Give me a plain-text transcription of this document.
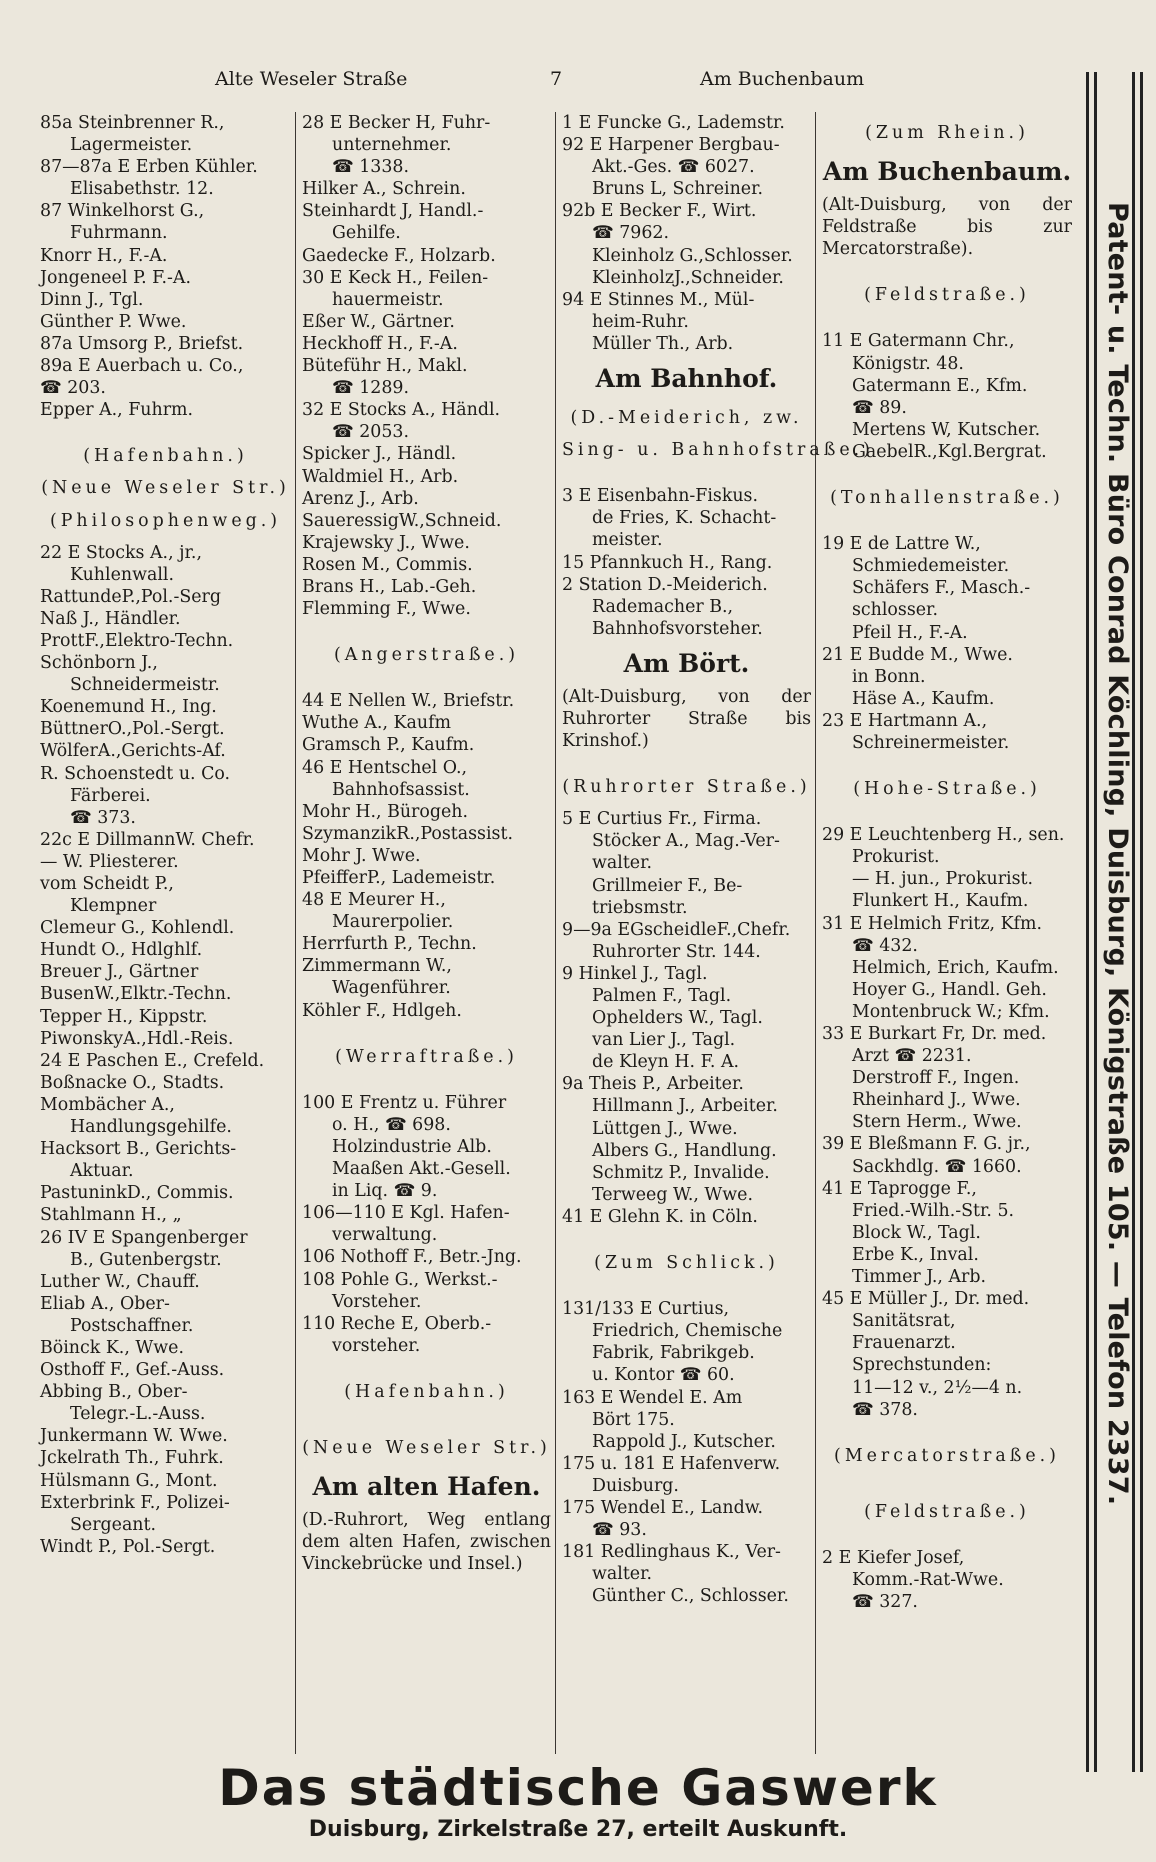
Alte Weseler Straße	7	Am Buchenbaum
85a Steinbrenner R.,
Lagermeister.
87—87a E Erben Kühler.
Elisabethstr. 12.
87 Winkelhorst G.,
Fuhrmann.
Knorr H., F.-A.
Jongeneel P. F.-A.
Dinn J., Tgl.
Günther P. Wwe.
87a Umsorg P., Briefst.
89a E Auerbach u. Co.,
☎ 203.
Epper A., Fuhrm.
(Hafenbahn.)
(Neue Weseler Str.)
(Philosophenweg.)
22 E Stocks A., jr.,
Kuhlenwall.
RattundeP.,Pol.-Serg
Naß J., Händler.
ProttF.,Elektro-Techn.
Schönborn J.,
Schneidermeistr.
Koenemund H., Ing.
BüttnerO.,Pol.-Sergt.
WölferA.,Gerichts-Af.
R. Schoenstedt u. Co.
Färberei.
☎ 373.
22c E DillmannW. Chefr.
— W. Pliesterer.
vom Scheidt P.,
Klempner
Clemeur G., Kohlendl.
Hundt O., Hdlghlf.
Breuer J., Gärtner
BusenW.,Elktr.-Techn.
Tepper H., Kippstr.
PiwonskyA.,Hdl.-Reis.
24 E Paschen E., Crefeld.
Boßnacke O., Stadts.
Mombächer A.,
Handlungsgehilfe.
Hacksort B., Gerichts-
Aktuar.
PastuninkD., Commis.
Stahlmann H., „
26 IV E Spangenberger
B., Gutenbergstr.
Luther W., Chauff.
Eliab A., Ober-
Postschaffner.
Böinck K., Wwe.
Osthoff F., Gef.-Auss.
Abbing B., Ober-
Telegr.-L.-Auss.
Junkermann W. Wwe.
Jckelrath Th., Fuhrk.
Hülsmann G., Mont.
Exterbrink F., Polizei-
Sergeant.
Windt P., Pol.-Sergt.
28 E Becker H, Fuhr-
unternehmer.
☎ 1338.
Hilker A., Schrein.
Steinhardt J, Handl.-
Gehilfe.
Gaedecke F., Holzarb.
30 E Keck H., Feilen-
hauermeistr.
Eßer W., Gärtner.
Heckhoff H., F.-A.
Büteführ H., Makl.
☎ 1289.
32 E Stocks A., Händl.
☎ 2053.
Spicker J., Händl.
Waldmiel H., Arb.
Arenz J., Arb.
SaueressigW.,Schneid.
Krajewsky J., Wwe.
Rosen M., Commis.
Brans H., Lab.-Geh.
Flemming F., Wwe.
(Angerstraße.)
44 E Nellen W., Briefstr.
Wuthe A., Kaufm
Gramsch P., Kaufm.
46 E Hentschel O.,
Bahnhofsassist.
Mohr H., Bürogeh.
SzymanzikR.,Postassist.
Mohr J. Wwe.
PfeifferP., Lademeistr.
48 E Meurer H.,
Maurerpolier.
Herrfurth P., Techn.
Zimmermann W.,
Wagenführer.
Köhler F., Hdlgeh.
(Werraftraße.)
100 E Frentz u. Führer
o. H., ☎ 698.
Holzindustrie Alb.
Maaßen Akt.-Gesell.
in Liq. ☎ 9.
106—110 E Kgl. Hafen-
verwaltung.
106 Nothoff F., Betr.-Jng.
108 Pohle G., Werkst.-
Vorsteher.
110 Reche E, Oberb.-
vorsteher.
(Hafenbahn.)
(Neue Weseler Str.)
Am alten Hafen.
(D.-Ruhrort, Weg entlang dem alten Hafen, zwischen Vinckebrücke und Insel.)
1 E Funcke G., Lademstr.
92 E Harpener Bergbau-
Akt.-Ges. ☎ 6027.
Bruns L, Schreiner.
92b E Becker F., Wirt.
☎ 7962.
Kleinholz G.,Schlosser.
KleinholzJ.,Schneider.
94 E Stinnes M., Mül-
heim-Ruhr.
Müller Th., Arb.
Am Bahnhof.
(D.-Meiderich, zw.
Sing- u. Bahnhofstraße.)
3 E Eisenbahn-Fiskus.
de Fries, K. Schacht-
meister.
15 Pfannkuch H., Rang.
2 Station D.-Meiderich.
Rademacher B.,
Bahnhofsvorsteher.
Am Bört.
(Alt-Duisburg, von der Ruhrorter Straße bis Krinshof.)
(Ruhrorter Straße.)
5 E Curtius Fr., Firma.
Stöcker A., Mag.-Ver-
walter.
Grillmeier F., Be-
triebsmstr.
9—9a EGscheidleF.,Chefr.
Ruhrorter Str. 144.
9 Hinkel J., Tagl.
Palmen F., Tagl.
Ophelders W., Tagl.
van Lier J., Tagl.
de Kleyn H. F. A.
9a Theis P., Arbeiter.
Hillmann J., Arbeiter.
Lüttgen J., Wwe.
Albers G., Handlung.
Schmitz P., Invalide.
Terweeg W., Wwe.
41 E Glehn K. in Cöln.
(Zum Schlick.)
131/133 E Curtius,
Friedrich, Chemische
Fabrik, Fabrikgeb.
u. Kontor ☎ 60.
163 E Wendel E. Am
Bört 175.
Rappold J., Kutscher.
175 u. 181 E Hafenverw.
Duisburg.
175 Wendel E., Landw.
☎ 93.
181 Redlinghaus K., Ver-
walter.
Günther C., Schlosser.
(Zum Rhein.)
Am Buchenbaum.
(Alt-Duisburg, von der Feldstraße bis zur Mercatorstraße).
(Feldstraße.)
11 E Gatermann Chr.,
Königstr. 48.
Gatermann E., Kfm.
☎ 89.
Mertens W, Kutscher.
GaebelR.,Kgl.Bergrat.
(Tonhallenstraße.)
19 E de Lattre W.,
Schmiedemeister.
Schäfers F., Masch.-
schlosser.
Pfeil H., F.-A.
21 E Budde M., Wwe.
in Bonn.
Häse A., Kaufm.
23 E Hartmann A.,
Schreinermeister.
(Hohe-Straße.)
29 E Leuchtenberg H., sen.
Prokurist.
— H. jun., Prokurist.
Flunkert H., Kaufm.
31 E Helmich Fritz, Kfm.
☎ 432.
Helmich, Erich, Kaufm.
Hoyer G., Handl. Geh.
Montenbruck W.; Kfm.
33 E Burkart Fr, Dr. med.
Arzt ☎ 2231.
Derstroff F., Ingen.
Rheinhard J., Wwe.
Stern Herm., Wwe.
39 E Bleßmann F. G. jr.,
Sackhdlg. ☎ 1660.
41 E Taprogge F.,
Fried.-Wilh.-Str. 5.
Block W., Tagl.
Erbe K., Inval.
Timmer J., Arb.
45 E Müller J., Dr. med.
Sanitätsrat,
Frauenarzt.
Sprechstunden:
11—12 v., 2½—4 n.
☎ 378.
(Mercatorstraße.)
(Feldstraße.)
2 E Kiefer Josef,
Komm.-Rat-Wwe.
☎ 327.
Patent- u. Techn. Büro Conrad Köchling, Duisburg, Königstraße 105. — Telefon 2337.
Das städtische Gaswerk
Duisburg, Zirkelstraße 27, erteilt Auskunft.
